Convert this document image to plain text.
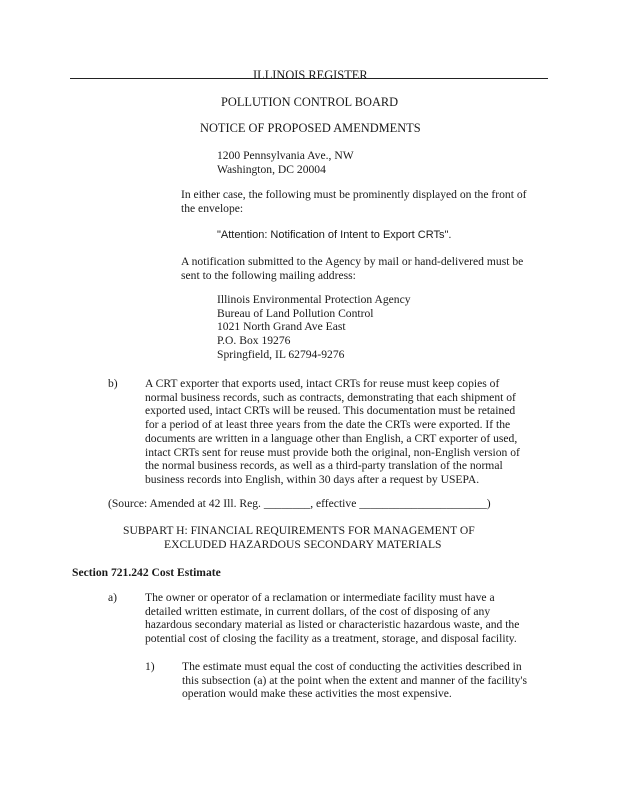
ILLINOIS REGISTER
POLLUTION CONTROL BOARD
NOTICE OF PROPOSED AMENDMENTS
1200 Pennsylvania Ave., NW
Washington, DC 20004
In either case, the following must be prominently displayed on the front of
the envelope:
"Attention: Notification of Intent to Export CRTs".
A notification submitted to the Agency by mail or hand-delivered must be
sent to the following mailing address:
Illinois Environmental Protection Agency
Bureau of Land Pollution Control
1021 North Grand Ave East
P.O. Box 19276
Springfield, IL 62794-9276
b) A CRT exporter that exports used, intact CRTs for reuse must keep copies of
normal business records, such as contracts, demonstrating that each shipment of
exported used, intact CRTs will be reused. This documentation must be retained
for a period of at least three years from the date the CRTs were exported. If the
documents are written in a language other than English, a CRT exporter of used,
intact CRTs sent for reuse must provide both the original, non-English version of
the normal business records, as well as a third-party translation of the normal
business records into English, within 30 days after a request by USEPA.
(Source: Amended at 42 Ill. Reg. ________, effective ______________________)
SUBPART H: FINANCIAL REQUIREMENTS FOR MANAGEMENT OF
EXCLUDED HAZARDOUS SECONDARY MATERIALS
Section 721.242 Cost Estimate
a) The owner or operator of a reclamation or intermediate facility must have a
detailed written estimate, in current dollars, of the cost of disposing of any
hazardous secondary material as listed or characteristic hazardous waste, and the
potential cost of closing the facility as a treatment, storage, and disposal facility.
1) The estimate must equal the cost of conducting the activities described in
this subsection (a) at the point when the extent and manner of the facility's
operation would make these activities the most expensive.
